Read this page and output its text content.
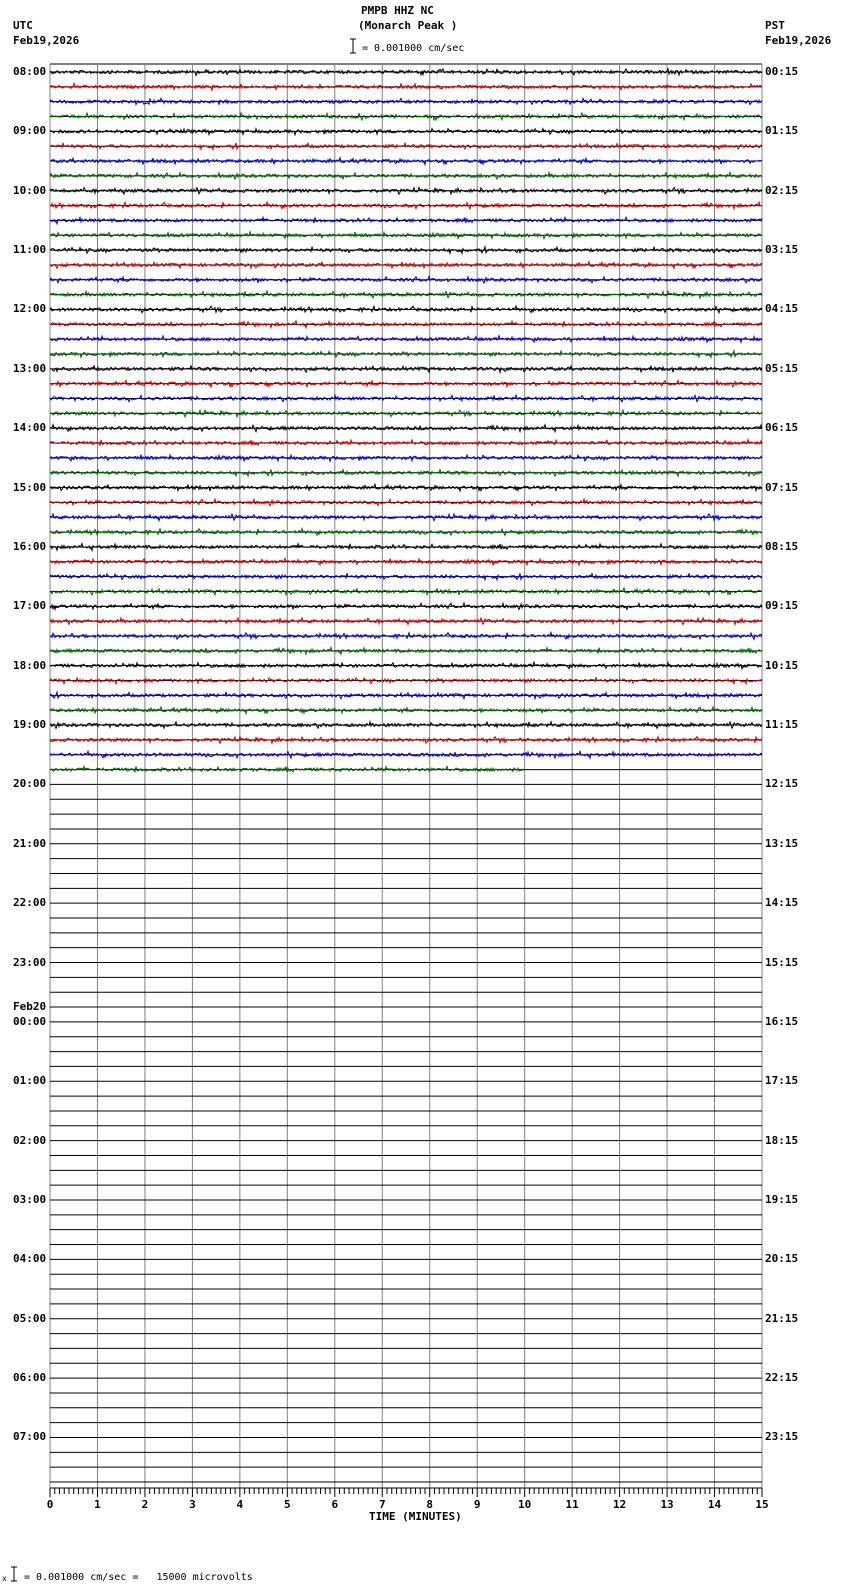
PMPB HHZ NC
(Monarch Peak )
UTC
Feb19,2026
PST
Feb19,2026
= 0.001000 cm/sec
0	1	2	3	4	5	6	7	8	9	10	11	12	13	14	15
08:00
09:00
10:00
11:00
12:00
13:00
14:00
15:00
16:00
17:00
18:00
19:00
20:00
21:00
22:00
23:00
00:00
Feb20
01:00
02:00
03:00
04:00
05:00
06:00
07:00
00:15
01:15
02:15
03:15
04:15
05:15
06:15
07:15
08:15
09:15
10:15
11:15
12:15
13:15
14:15
15:15
16:15
17:15
18:15
19:15
20:15
21:15
22:15
23:15
TIME (MINUTES)
x = 0.001000 cm/sec =   15000 microvolts
